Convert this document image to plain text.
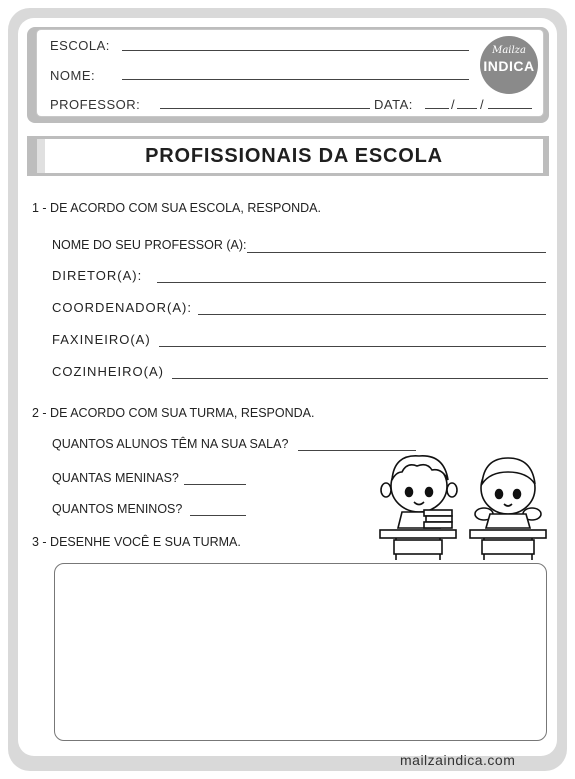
ESCOLA:
NOME:
PROFESSOR:	DATA:	/ /
Mailza
INDICA
PROFISSIONAIS DA ESCOLA
1 - DE ACORDO COM SUA ESCOLA, RESPONDA.
NOME DO SEU PROFESSOR (A):
DIRETOR(A):
COORDENADOR(A):
FAXINEIRO(A)
COZINHEIRO(A)
2 - DE ACORDO COM SUA TURMA, RESPONDA.
QUANTOS ALUNOS TÊM NA SUA SALA?
QUANTAS MENINAS?
QUANTOS MENINOS?
3 - DESENHE VOCÊ E SUA TURMA.
mailzaindica.com
